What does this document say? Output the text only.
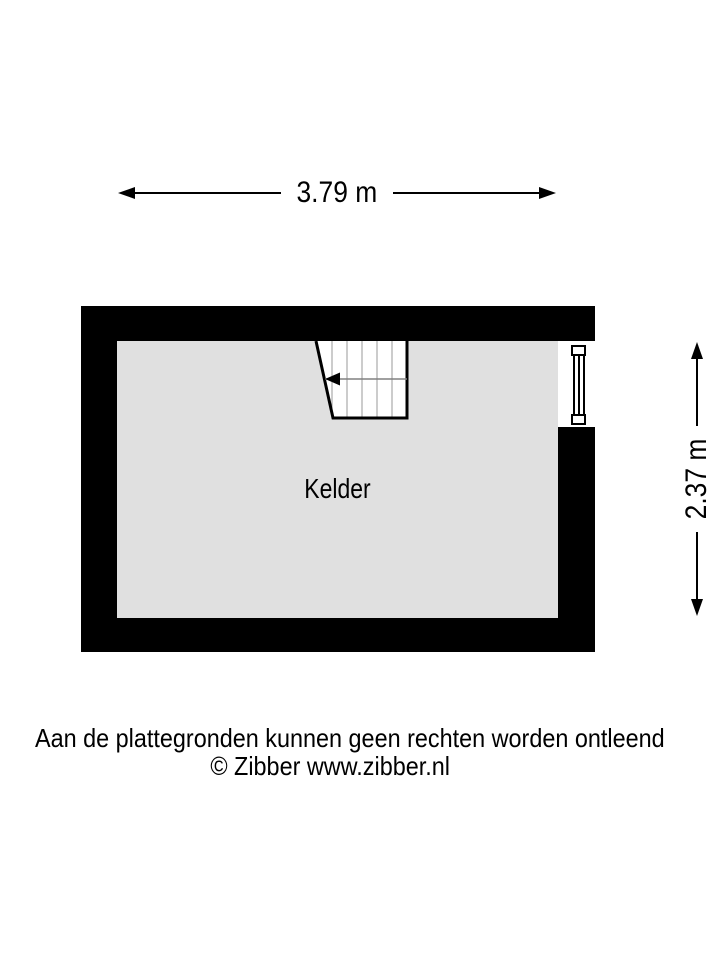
3.79 m
2.37 m
Kelder
Aan de plattegronden kunnen geen rechten worden ontleend
© Zibber www.zibber.nl
